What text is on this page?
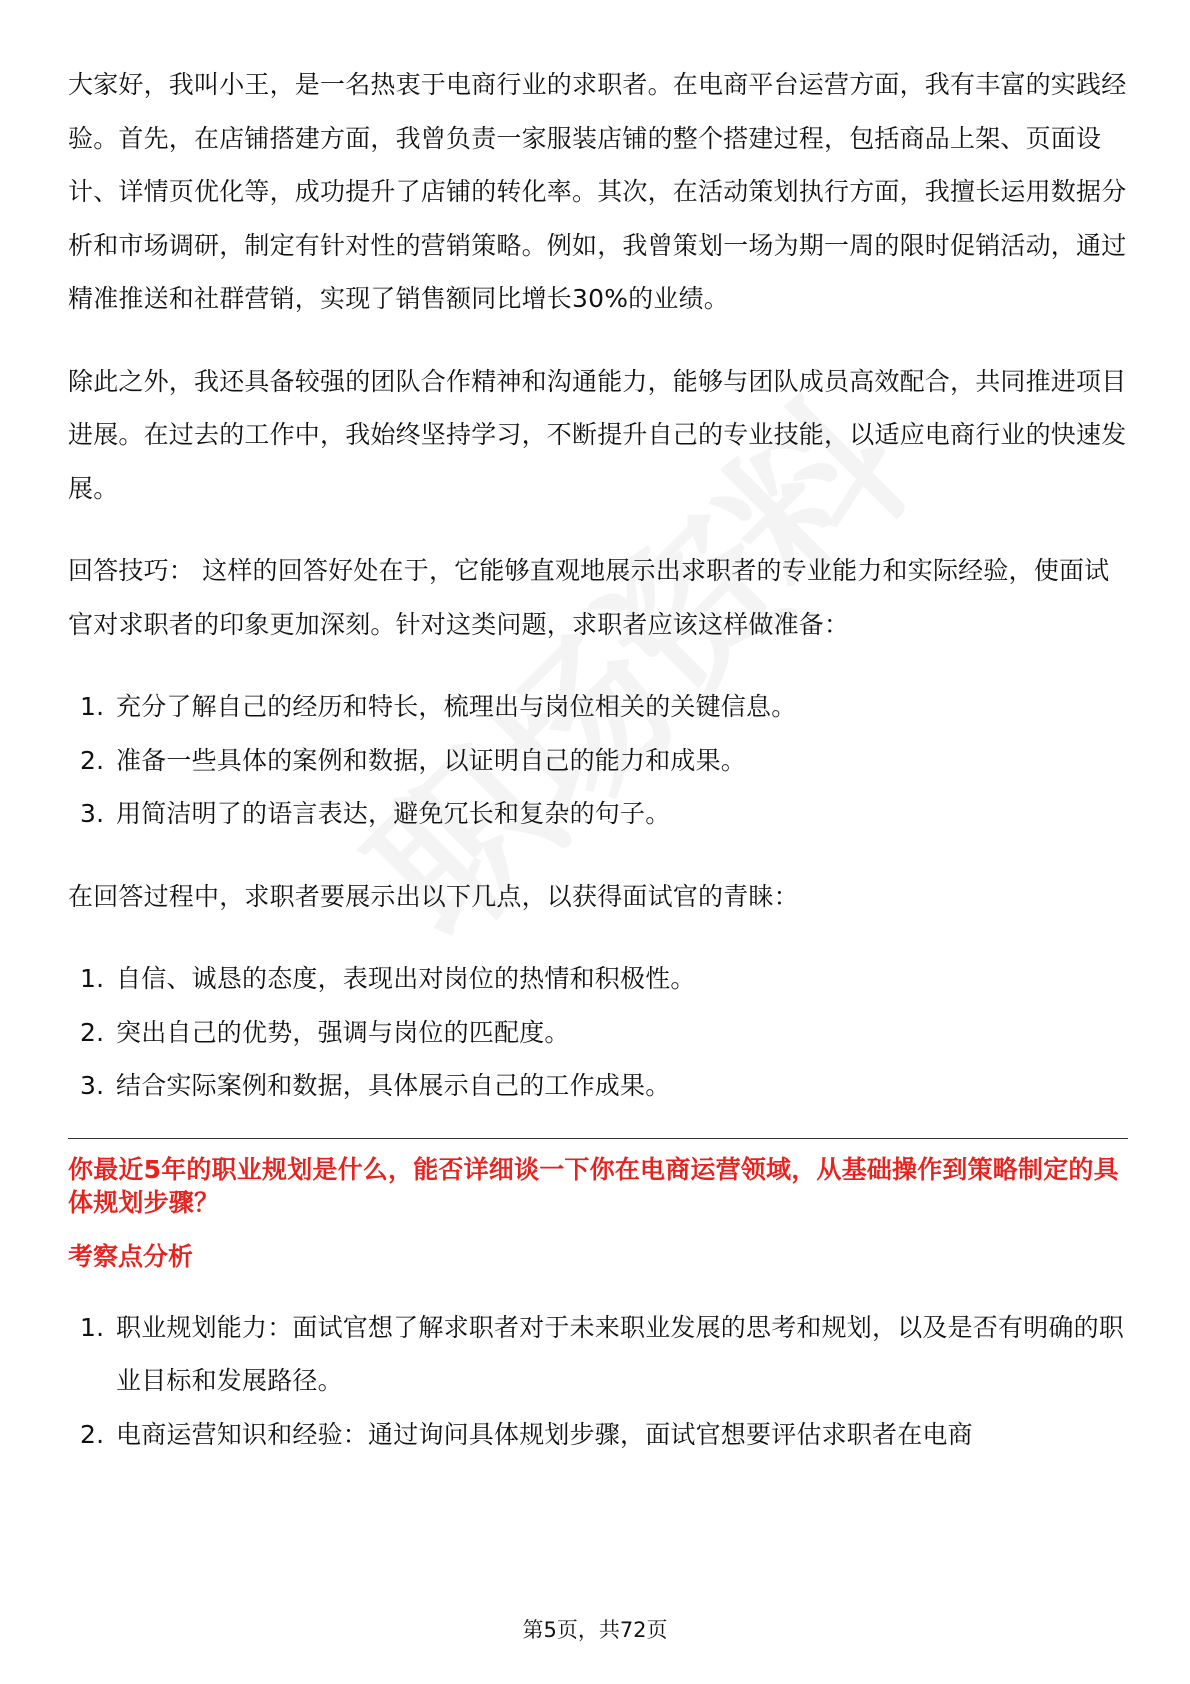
大家好，我叫小王，是一名热衷于电商行业的求职者。在电商平台运营方面，我有丰富的实践经验。首先，在店铺搭建方面，我曾负责一家服装店铺的整个搭建过程，包括商品上架、页面设计、详情页优化等，成功提升了店铺的转化率。其次，在活动策划执行方面，我擅长运用数据分析和市场调研，制定有针对性的营销策略。例如，我曾策划一场为期一周的限时促销活动，通过精准推送和社群营销，实现了销售额同比增长30%的业绩。

除此之外，我还具备较强的团队合作精神和沟通能力，能够与团队成员高效配合，共同推进项目进展。在过去的工作中，我始终坚持学习，不断提升自己的专业技能，以适应电商行业的快速发展。

回答技巧： 这样的回答好处在于，它能够直观地展示出求职者的专业能力和实际经验，使面试官对求职者的印象更加深刻。针对这类问题，求职者应该这样做准备：

1. 充分了解自己的经历和特长，梳理出与岗位相关的关键信息。
2. 准备一些具体的案例和数据，以证明自己的能力和成果。
3. 用简洁明了的语言表达，避免冗长和复杂的句子。

在回答过程中，求职者要展示出以下几点，以获得面试官的青睐：

1. 自信、诚恳的态度，表现出对岗位的热情和积极性。
2. 突出自己的优势，强调与岗位的匹配度。
3. 结合实际案例和数据，具体展示自己的工作成果。

你最近5年的职业规划是什么，能否详细谈一下你在电商运营领域，从基础操作到策略制定的具体规划步骤？

考察点分析

1. 职业规划能力：面试官想了解求职者对于未来职业发展的思考和规划，以及是否有明确的职业目标和发展路径。
2. 电商运营知识和经验：通过询问具体规划步骤，面试官想要评估求职者在电商
第5页，共72页
